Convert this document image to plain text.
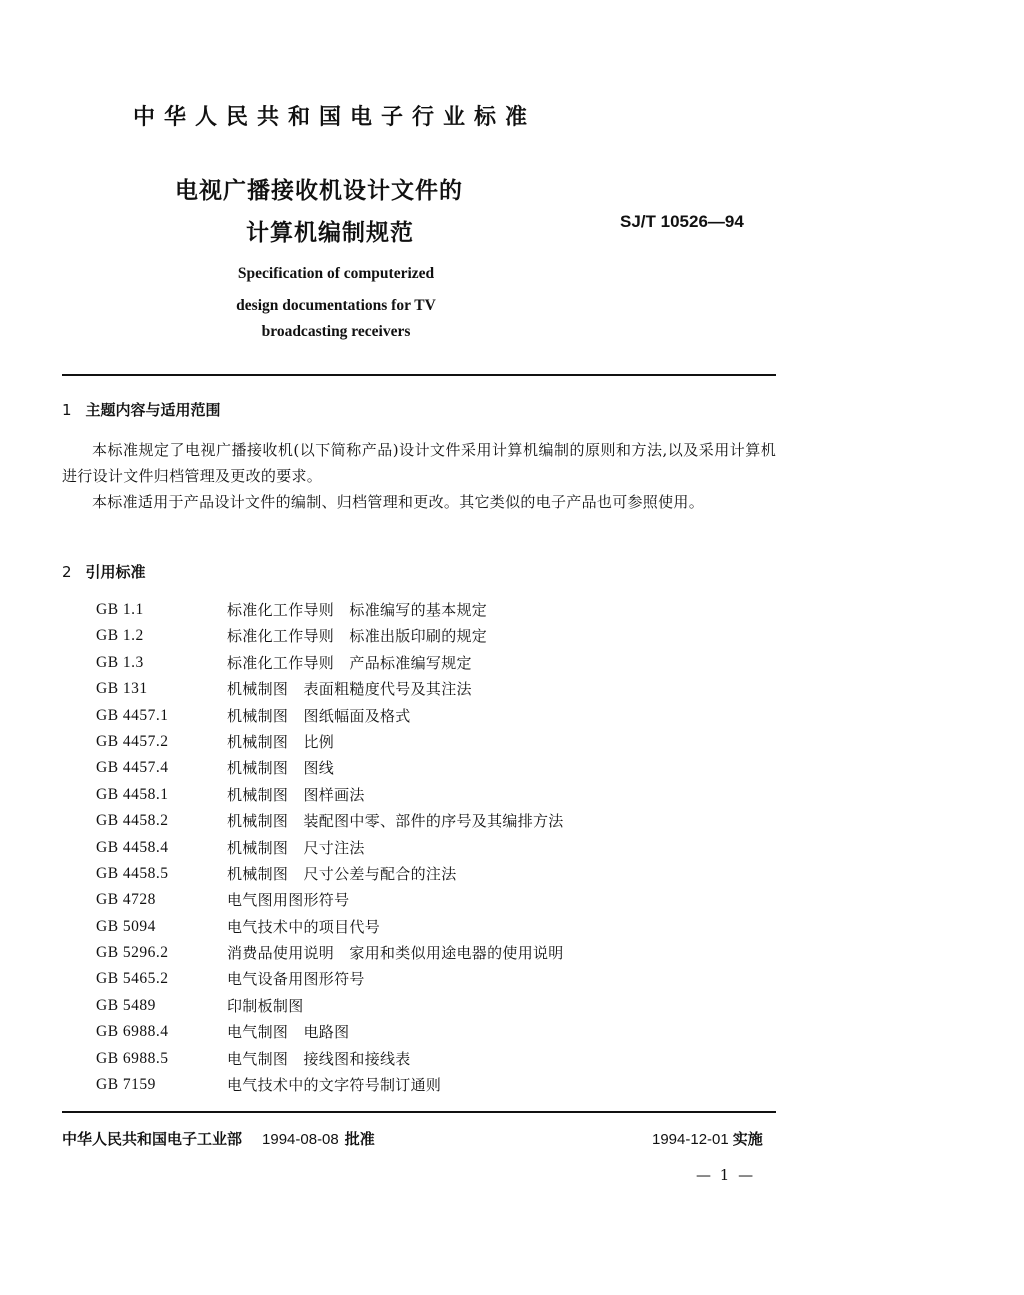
中华人民共和国电子行业标准
电视广播接收机设计文件的
计算机编制规范	SJ/T 10526—94
Specification of computerized
design documentations for TV
broadcasting receivers
1 主题内容与适用范围
本标准规定了电视广播接收机(以下简称产品)设计文件采用计算机编制的原则和方法,以及采用计算机进行设计文件归档管理及更改的要求。
本标准适用于产品设计文件的编制、归档管理和更改。其它类似的电子产品也可参照使用。
2 引用标准
GB 1.1	标准化工作导则　标准编写的基本规定
GB 1.2	标准化工作导则　标准出版印刷的规定
GB 1.3	标准化工作导则　产品标准编写规定
GB 131	机械制图　表面粗糙度代号及其注法
GB 4457.1	机械制图　图纸幅面及格式
GB 4457.2	机械制图　比例
GB 4457.4	机械制图　图线
GB 4458.1	机械制图　图样画法
GB 4458.2	机械制图　装配图中零、部件的序号及其编排方法
GB 4458.4	机械制图　尺寸注法
GB 4458.5	机械制图　尺寸公差与配合的注法
GB 4728	电气图用图形符号
GB 5094	电气技术中的项目代号
GB 5296.2	消费品使用说明　家用和类似用途电器的使用说明
GB 5465.2	电气设备用图形符号
GB 5489	印制板制图
GB 6988.4	电气制图　电路图
GB 6988.5	电气制图　接线图和接线表
GB 7159	电气技术中的文字符号制订通则
中华人民共和国电子工业部 1994-08-08 批准	1994-12-01 实施
— 1 —
